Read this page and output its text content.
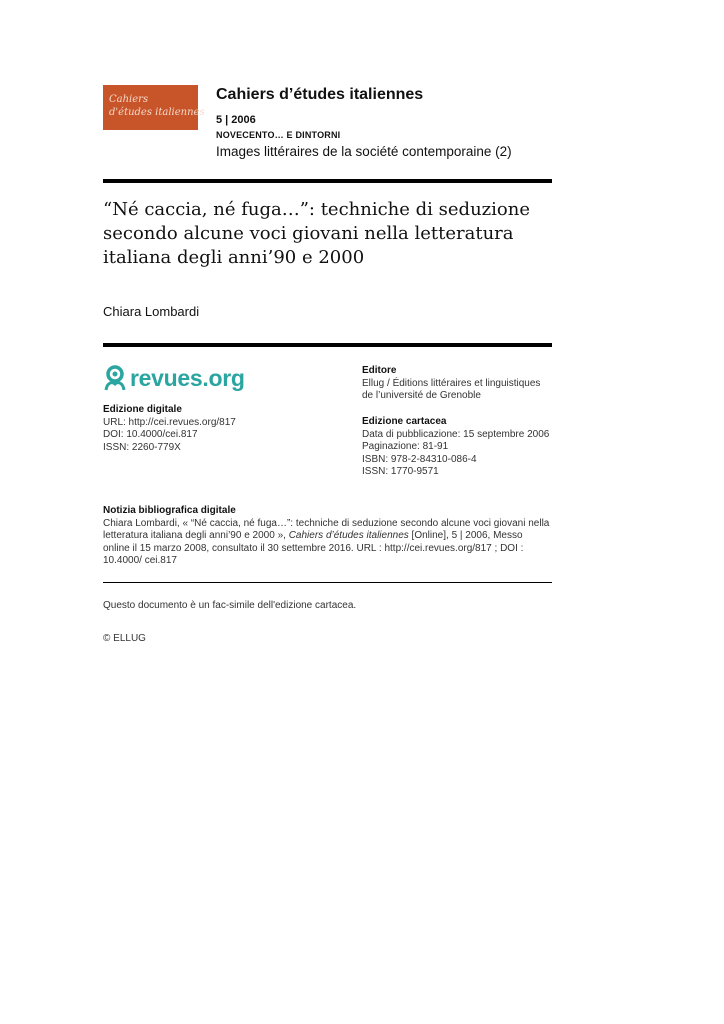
Cahiers
d'études italiennes
Cahiers d’études italiennes
5 | 2006
NOVECENTO… E DINTORNI
Images littéraires de la société contemporaine (2)
“Né caccia, né fuga…”: techniche di seduzione
secondo alcune voci giovani nella letteratura
italiana degli anni’90 e 2000
Chiara Lombardi
revues.org
Edizione digitale
URL: http://cei.revues.org/817
DOI: 10.4000/cei.817
ISSN: 2260-779X
Editore
Ellug / Éditions littéraires et linguistiques
de l’université de Grenoble
Edizione cartacea
Data di pubblicazione: 15 septembre 2006
Paginazione: 81-91
ISBN: 978-2-84310-086-4
ISSN: 1770-9571
Notizia bibliografica digitale
Chiara Lombardi, « “Né caccia, né fuga…”: techniche di seduzione secondo alcune voci giovani nella letteratura italiana degli anni’90 e 2000 », Cahiers d’études italiennes [Online], 5 | 2006, Messo online il 15 marzo 2008, consultato il 30 settembre 2016. URL : http://cei.revues.org/817 ; DOI : 10.4000/ cei.817
Questo documento è un fac-simile dell'edizione cartacea.
© ELLUG
